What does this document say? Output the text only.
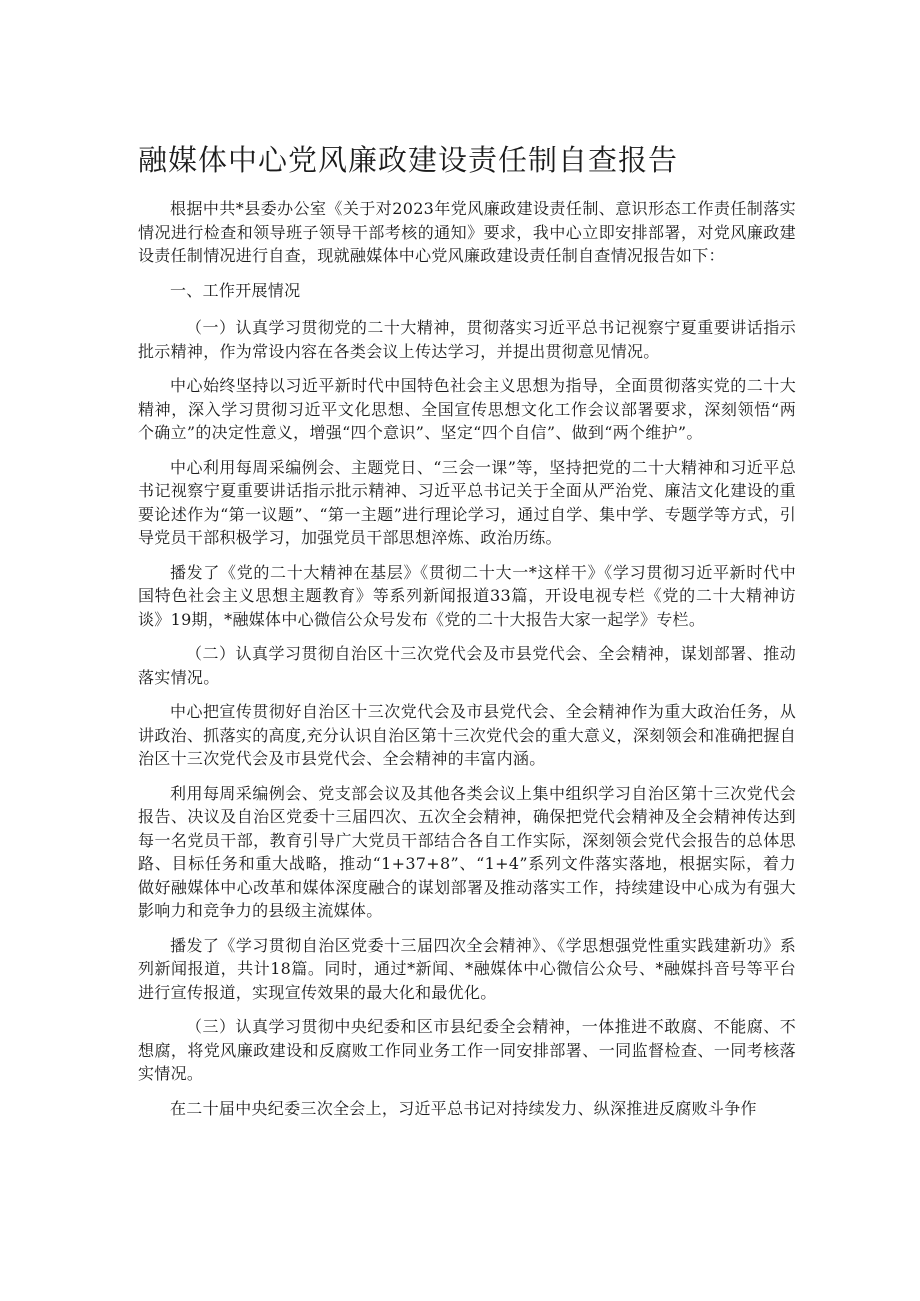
融媒体中心党风廉政建设责任制自查报告

根据中共*县委办公室《关于对2023年党风廉政建设责任制、意识形态工作责任制落实情况进行检查和领导班子领导干部考核的通知》要求，我中心立即安排部署，对党风廉政建设责任制情况进行自查，现就融媒体中心党风廉政建设责任制自查情况报告如下：

一、工作开展情况

（一）认真学习贯彻党的二十大精神，贯彻落实习近平总书记视察宁夏重要讲话指示批示精神，作为常设内容在各类会议上传达学习，并提出贯彻意见情况。

中心始终坚持以习近平新时代中国特色社会主义思想为指导，全面贯彻落实党的二十大精神，深入学习贯彻习近平文化思想、全国宣传思想文化工作会议部署要求，深刻领悟“两个确立”的决定性意义，增强“四个意识”、坚定“四个自信”、做到“两个维护”。

中心利用每周采编例会、主题党日、“三会一课”等，坚持把党的二十大精神和习近平总书记视察宁夏重要讲话指示批示精神、习近平总书记关于全面从严治党、廉洁文化建设的重要论述作为“第一议题”、“第一主题”进行理论学习，通过自学、集中学、专题学等方式，引导党员干部积极学习，加强党员干部思想淬炼、政治历练。

播发了《党的二十大精神在基层》《贯彻二十大一*这样干》《学习贯彻习近平新时代中国特色社会主义思想主题教育》等系列新闻报道33篇，开设电视专栏《党的二十大精神访谈》19期，*融媒体中心微信公众号发布《党的二十大报告大家一起学》专栏。

（二）认真学习贯彻自治区十三次党代会及市县党代会、全会精神，谋划部署、推动落实情况。

中心把宣传贯彻好自治区十三次党代会及市县党代会、全会精神作为重大政治任务，从讲政治、抓落实的高度,充分认识自治区第十三次党代会的重大意义，深刻领会和准确把握自治区十三次党代会及市县党代会、全会精神的丰富内涵。

利用每周采编例会、党支部会议及其他各类会议上集中组织学习自治区第十三次党代会报告、决议及自治区党委十三届四次、五次全会精神，确保把党代会精神及全会精神传达到每一名党员干部，教育引导广大党员干部结合各自工作实际，深刻领会党代会报告的总体思路、目标任务和重大战略，推动“1+37+8”、“1+4”系列文件落实落地，根据实际，着力做好融媒体中心改革和媒体深度融合的谋划部署及推动落实工作，持续建设中心成为有强大影响力和竞争力的县级主流媒体。

播发了《学习贯彻自治区党委十三届四次全会精神》、《学思想强党性重实践建新功》系列新闻报道，共计18篇。同时，通过*新闻、*融媒体中心微信公众号、*融媒抖音号等平台进行宣传报道，实现宣传效果的最大化和最优化。

（三）认真学习贯彻中央纪委和区市县纪委全会精神，一体推进不敢腐、不能腐、不想腐，将党风廉政建设和反腐败工作同业务工作一同安排部署、一同监督检查、一同考核落实情况。

在二十届中央纪委三次全会上，习近平总书记对持续发力、纵深推进反腐败斗争作
